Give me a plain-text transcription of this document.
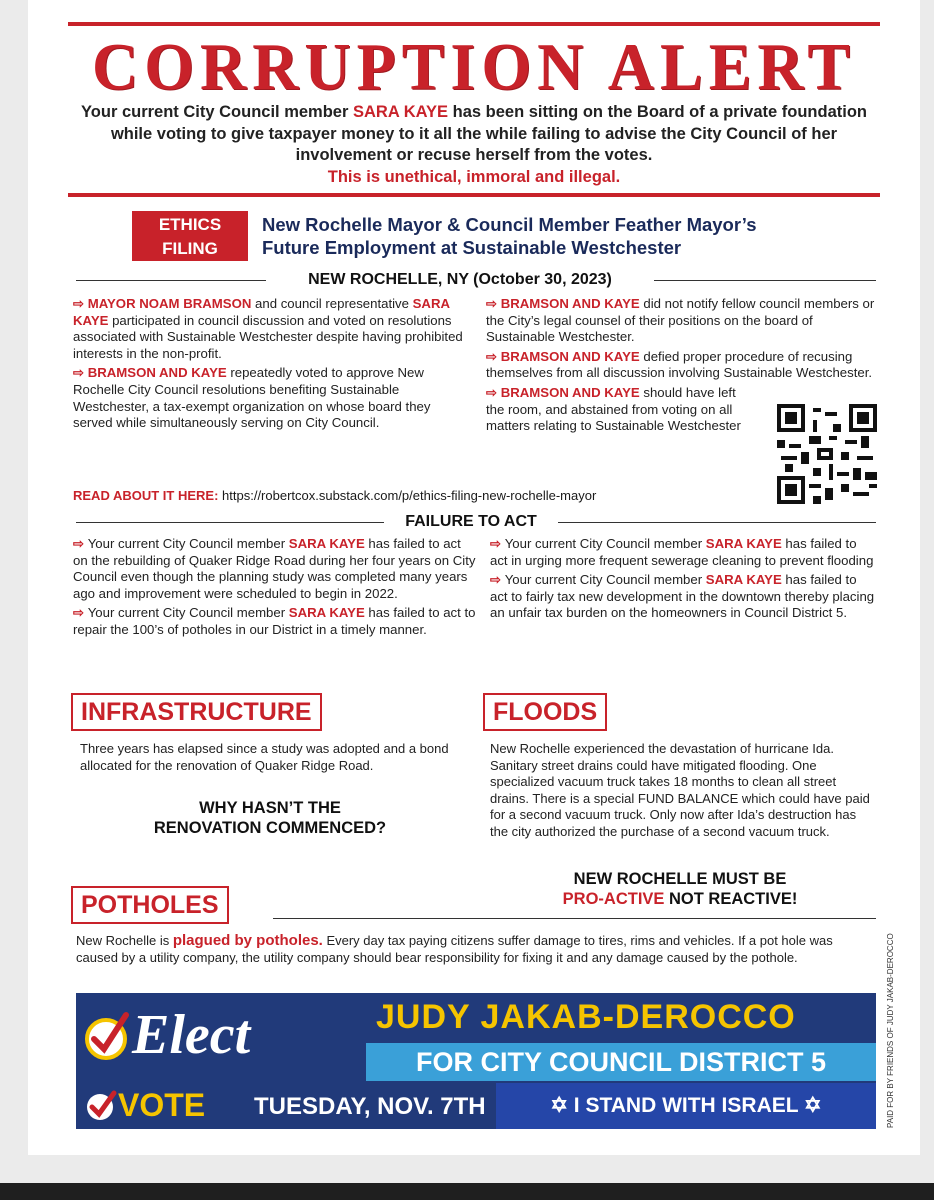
CORRUPTION ALERT
Your current City Council member SARA KAYE has been sitting on the Board of a private foundation while voting to give taxpayer money to it all the while failing to advise the City Council of her involvement or recuse herself from the votes.
This is unethical, immoral and illegal.
ETHICS
FILING
New Rochelle Mayor & Council Member Feather Mayor’s
Future Employment at Sustainable Westchester
NEW ROCHELLE, NY (October 30, 2023)

⇨ MAYOR NOAM BRAMSON and council representative SARA KAYE participated in council discussion and voted on resolutions associated with Sustainable Westchester despite having prohibited interests in the non-profit.

⇨ BRAMSON AND KAYE repeatedly voted to approve New Rochelle City Council resolutions benefiting Sustainable Westchester, a tax-exempt organization on whose board they served while simultaneously serving on City Council.

⇨ BRAMSON AND KAYE did not notify fellow council members or the City’s legal counsel of their positions on the board of Sustainable Westchester.

⇨ BRAMSON AND KAYE defied proper procedure of recusing themselves from all discussion involving Sustainable Westchester.

⇨ BRAMSON AND KAYE should have left the room, and abstained from voting on all matters relating to Sustainable Westchester

READ ABOUT IT HERE: https://robertcox.substack.com/p/ethics-filing-new-rochelle-mayor
FAILURE TO ACT

⇨ Your current City Council member SARA KAYE has failed to act on the rebuilding of Quaker Ridge Road during her four years on City Council even though the planning study was completed many years ago and improvement were scheduled to begin in 2022.

⇨ Your current City Council member SARA KAYE has failed to act to repair the 100’s of potholes in our District in a timely manner.

⇨ Your current City Council member SARA KAYE has failed to act in urging more frequent sewerage cleaning to prevent flooding

⇨ Your current City Council member SARA KAYE has failed to act to fairly tax new development in the downtown thereby placing an unfair tax burden on the homeowners in Council District 5.

INFRASTRUCTURE
Three years has elapsed since a study was adopted and a bond allocated for the renovation of Quaker Ridge Road.
WHY HASN’T THE
RENOVATION COMMENCED?
FLOODS
New Rochelle experienced the devastation of hurricane Ida. Sanitary street drains could have mitigated flooding. One specialized vacuum truck takes 18 months to clean all street drains. There is a special FUND BALANCE which could have paid for a second vacuum truck. Only now after Ida’s destruction has the city authorized the purchase of a second vacuum truck.
NEW ROCHELLE MUST BE
PRO-ACTIVE NOT REACTIVE!
POTHOLES
New Rochelle is plagued by potholes. Every day tax paying citizens suffer damage to tires, rims and vehicles. If a pot hole was caused by a utility company, the utility company should bear responsibility for fixing it and any damage caused by the pothole.
Elect	JUDY JAKAB-DEROCCO
FOR CITY COUNCIL DISTRICT 5
VOTE TUESDAY, NOV. 7TH	✡ I STAND WITH ISRAEL ✡	PAID FOR BY FRIENDS OF JUDY JAKAB-DEROCCO
